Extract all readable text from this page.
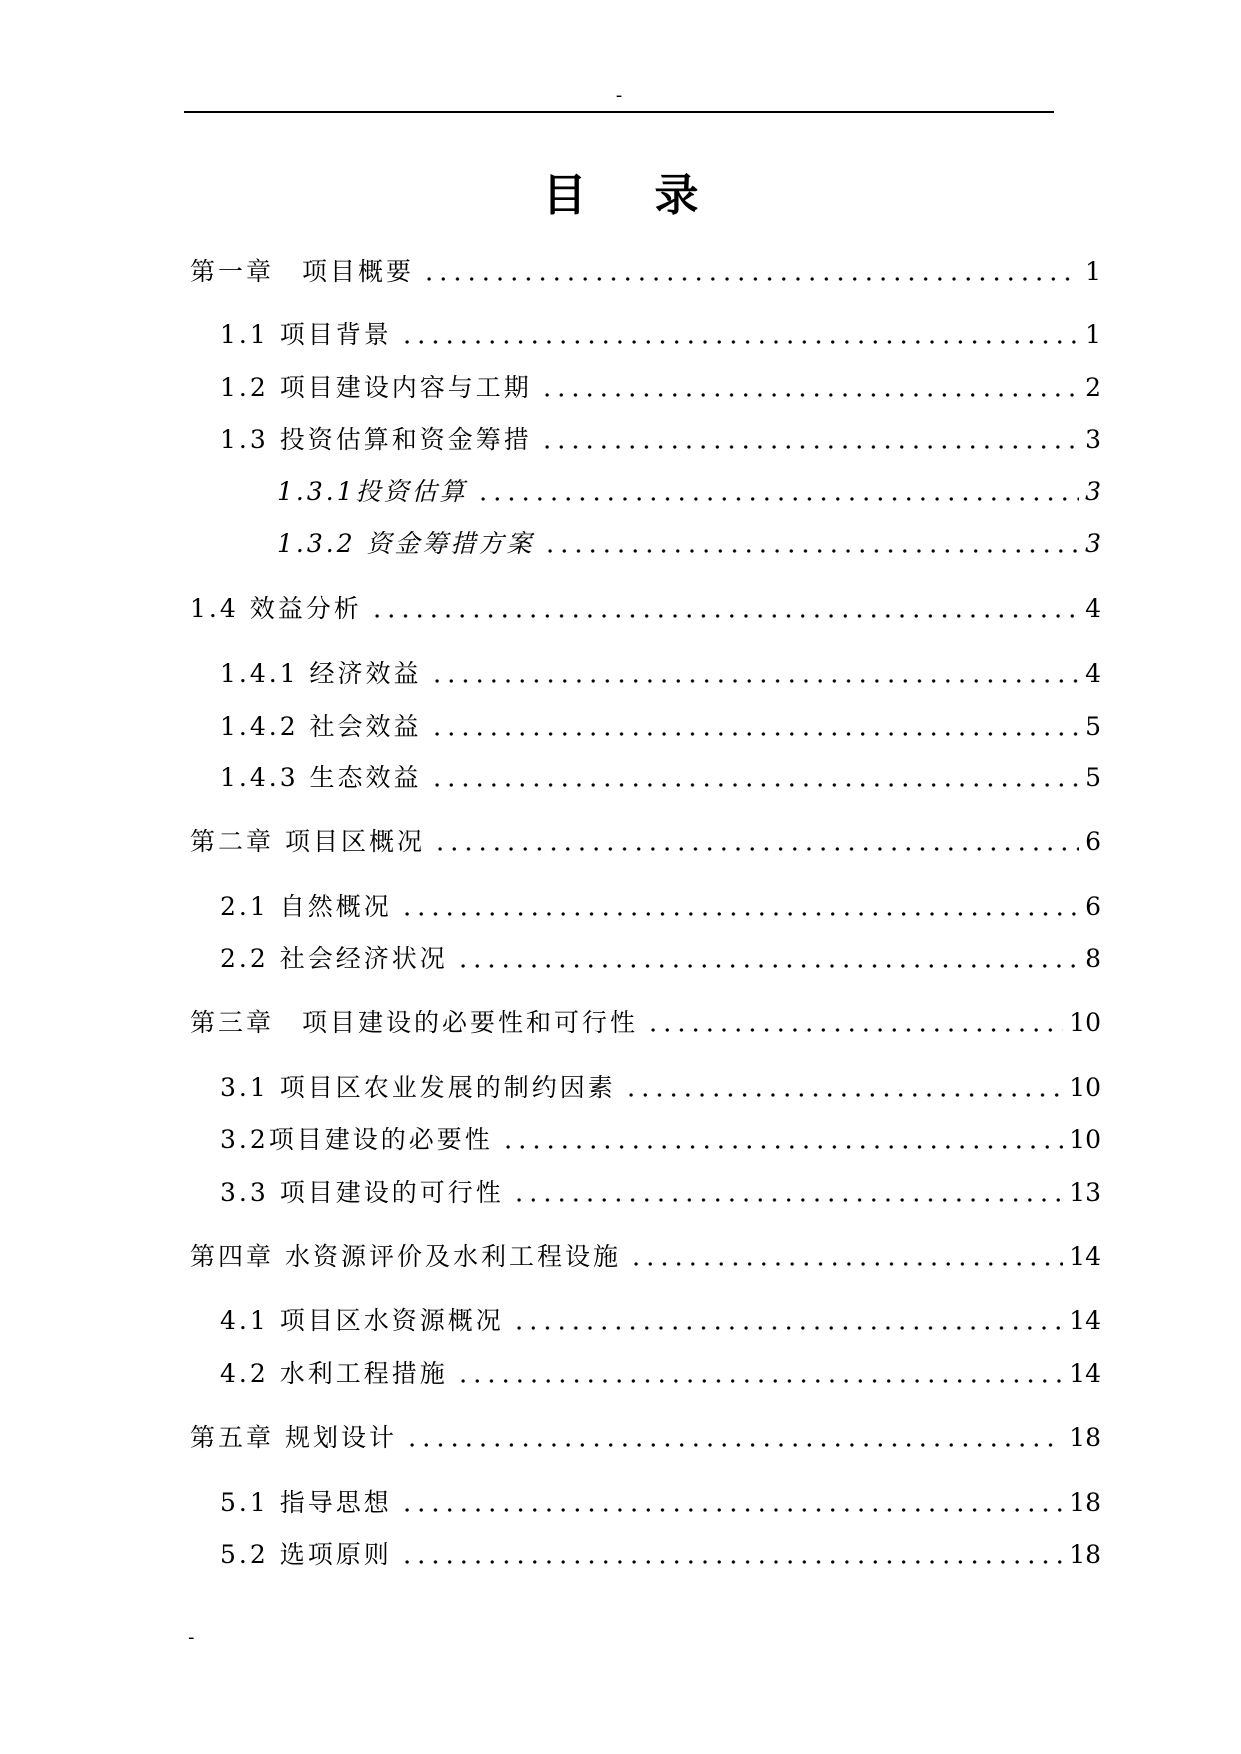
-
目　录
第一章　项目概要	1
1.1 项目背景	1
1.2 项目建设内容与工期	2
1.3 投资估算和资金筹措	3
1.3.1投资估算	3
1.3.2 资金筹措方案	3
1.4 效益分析	4
1.4.1 经济效益	4
1.4.2 社会效益	5
1.4.3 生态效益	5
第二章 项目区概况	6
2.1 自然概况	6
2.2 社会经济状况	8
第三章　项目建设的必要性和可行性	10
3.1 项目区农业发展的制约因素	10
3.2项目建设的必要性	10
3.3 项目建设的可行性	13
第四章 水资源评价及水利工程设施	14
4.1 项目区水资源概况	14
4.2 水利工程措施	14
第五章 规划设计	18
5.1 指导思想	18
5.2 选项原则	18
-
